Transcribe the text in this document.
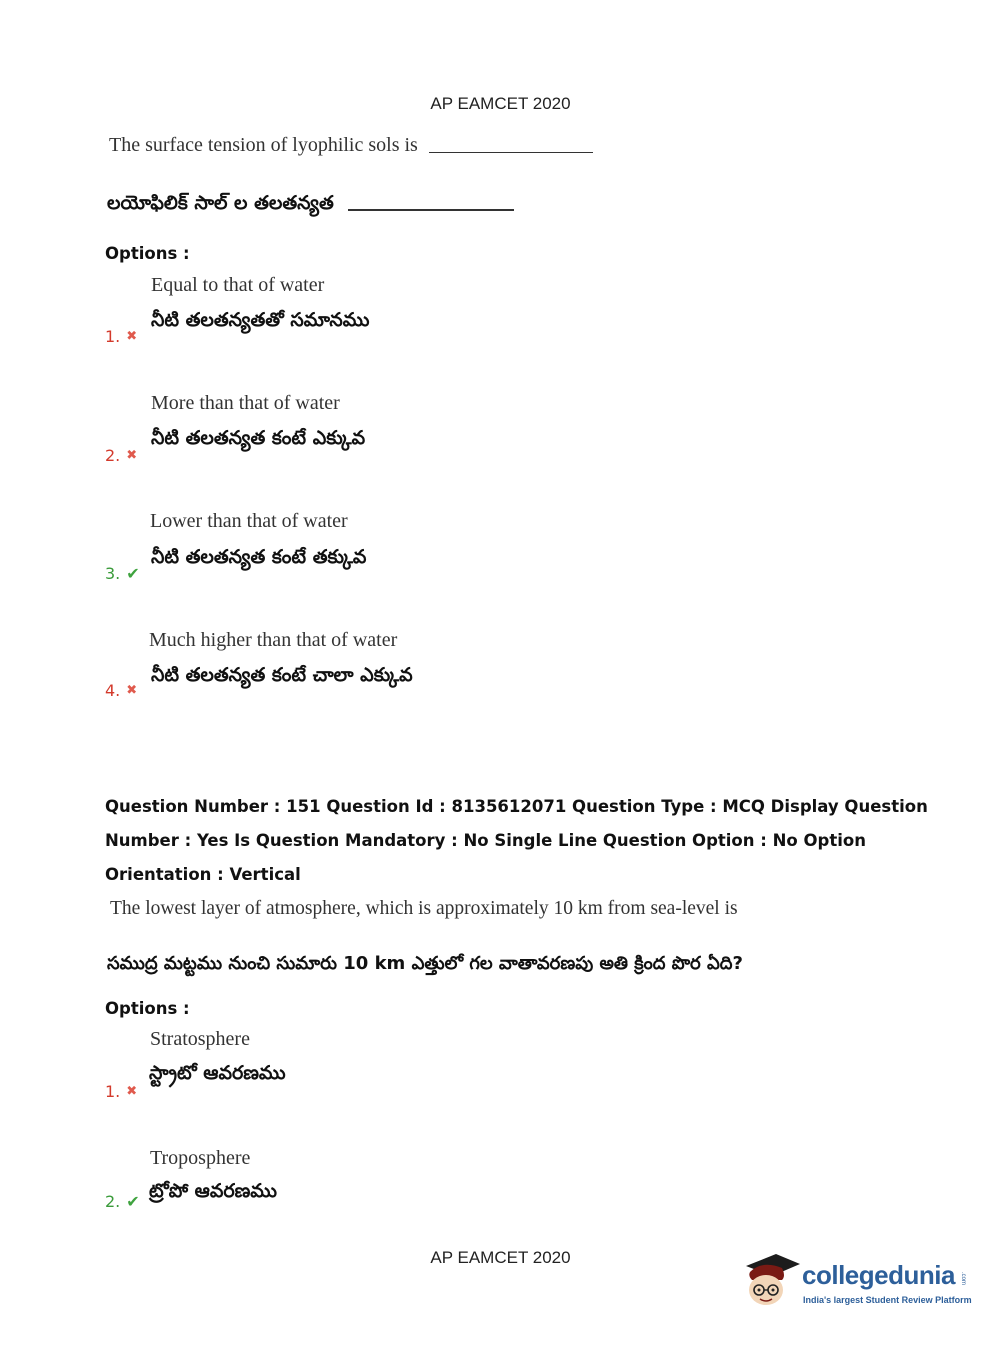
AP EAMCET 2020
The surface tension of lyophilic sols is
లయోఫిలిక్ సాల్ ల తలతన్యత
Options :
Equal to that of water
నీటి తలతన్యతతో సమానము
1. ✖
More than that of water
నీటి తలతన్యత కంటే ఎక్కువ
2. ✖
Lower than that of water
నీటి తలతన్యత కంటే తక్కువ
3. ✔
Much higher than that of water
నీటి తలతన్యత కంటే చాలా ఎక్కువ
4. ✖
Question Number : 151 Question Id : 8135612071 Question Type : MCQ Display Question
Number : Yes Is Question Mandatory : No Single Line Question Option : No Option
Orientation : Vertical
The lowest layer of atmosphere, which is approximately 10 km from sea-level is
సముద్ర మట్టము నుంచి సుమారు 10 km ఎత్తులో గల వాతావరణపు అతి క్రింద పొర ఏది?
Options :
Stratosphere
స్ట్రాటో ఆవరణము
1. ✖
Troposphere
ట్రోపో ఆవరణము
2. ✔
AP EAMCET 2020
collegedunia .com
India's largest Student Review Platform
